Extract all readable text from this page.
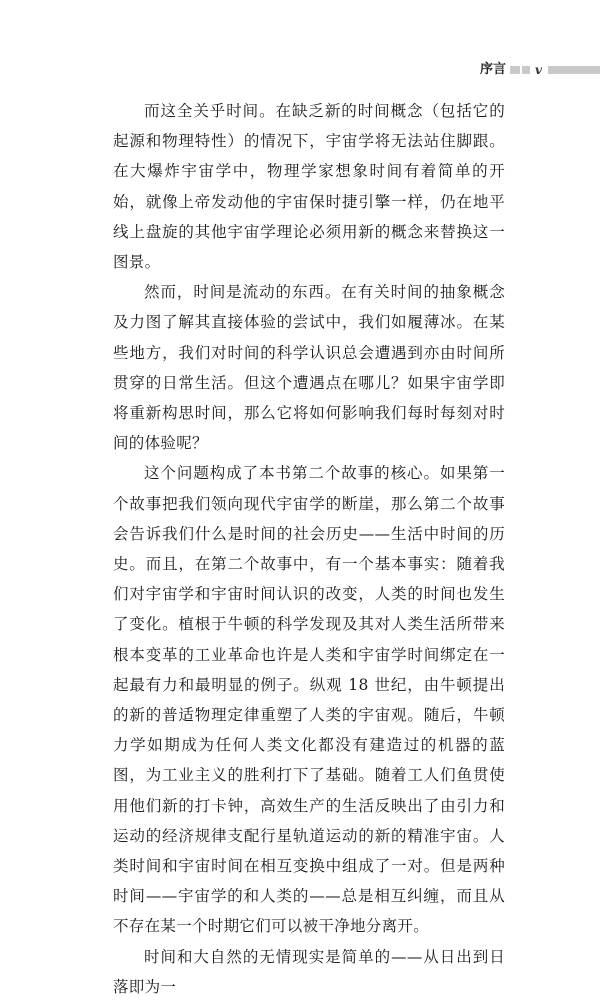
序言 v

而这全关乎时间。在缺乏新的时间概念（包括它的起源和物理特性）的情况下，宇宙学将无法站住脚跟。在大爆炸宇宙学中，物理学家想象时间有着简单的开始，就像上帝发动他的宇宙保时捷引擎一样，仍在地平线上盘旋的其他宇宙学理论必须用新的概念来替换这一图景。

然而，时间是流动的东西。在有关时间的抽象概念及力图了解其直接体验的尝试中，我们如履薄冰。在某些地方，我们对时间的科学认识总会遭遇到亦由时间所贯穿的日常生活。但这个遭遇点在哪儿？如果宇宙学即将重新构思时间，那么它将如何影响我们每时每刻对时间的体验呢？

这个问题构成了本书第二个故事的核心。如果第一个故事把我们领向现代宇宙学的断崖，那么第二个故事会告诉我们什么是时间的社会历史——生活中时间的历史。而且，在第二个故事中，有一个基本事实：随着我们对宇宙学和宇宙时间认识的改变，人类的时间也发生了变化。植根于牛顿的科学发现及其对人类生活所带来根本变革的工业革命也许是人类和宇宙学时间绑定在一起最有力和最明显的例子。纵观 18 世纪，由牛顿提出的新的普适物理定律重塑了人类的宇宙观。随后，牛顿力学如期成为任何人类文化都没有建造过的机器的蓝图，为工业主义的胜利打下了基础。随着工人们鱼贯使用他们新的打卡钟，高效生产的生活反映出了由引力和运动的经济规律支配行星轨道运动的新的精准宇宙。人类时间和宇宙时间在相互变换中组成了一对。但是两种时间——宇宙学的和人类的——总是相互纠缠，而且从不存在某一个时期它们可以被干净地分离开。

时间和大自然的无情现实是简单的——从日出到日落即为一
